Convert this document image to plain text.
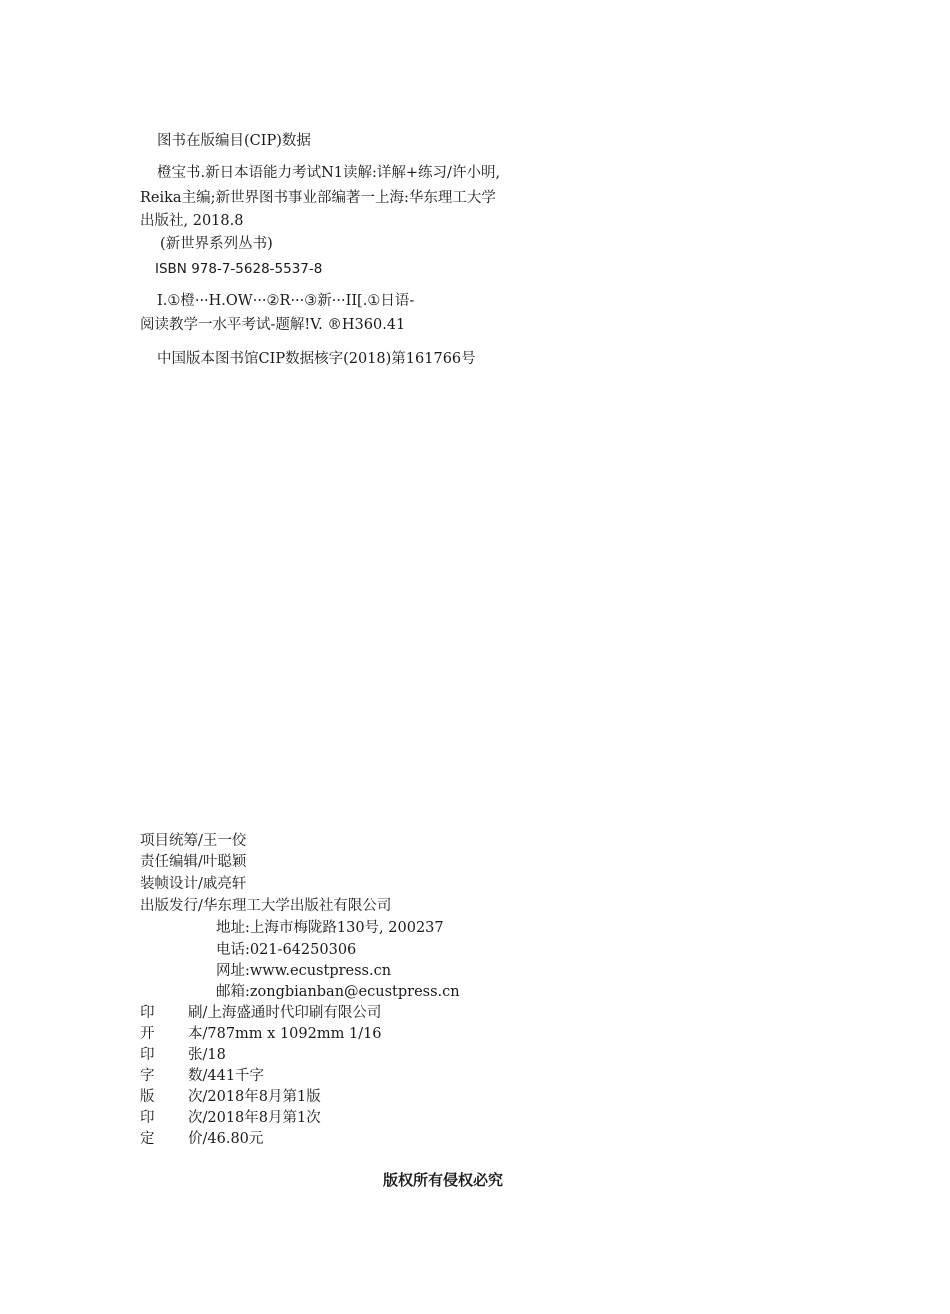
图书在版编目(CIP)数据
橙宝书.新日本语能力考试N1读解:详解+练习/许小明,
Reika主编;新世界图书事业部编著一上海:华东理工大学
出版社, 2018.8
(新世界系列丛书)
ISBN 978-7-5628-5537-8
I.①橙···H.OW···②R···③新···II[.①日语-
阅读教学一水平考试-题解!V. ®H360.41
中国版本图书馆CIP数据核字(2018)第161766号
项目统筹/王一佼
责任编辑/叶聪颖
装帧设计/戚亮轩
出版发行/华东理工大学出版社有限公司
地址:上海市梅陇路130号, 200237
电话:021-64250306
网址:www.ecustpress.cn
邮箱:zongbianban@ecustpress.cn
印 刷/上海盛通时代印刷有限公司
开 本/787mm x 1092mm 1/16
印 张/18
字 数/441千字
版 次/2018年8月第1版
印 次/2018年8月第1次
定 价/46.80元
版权所有侵权必究
